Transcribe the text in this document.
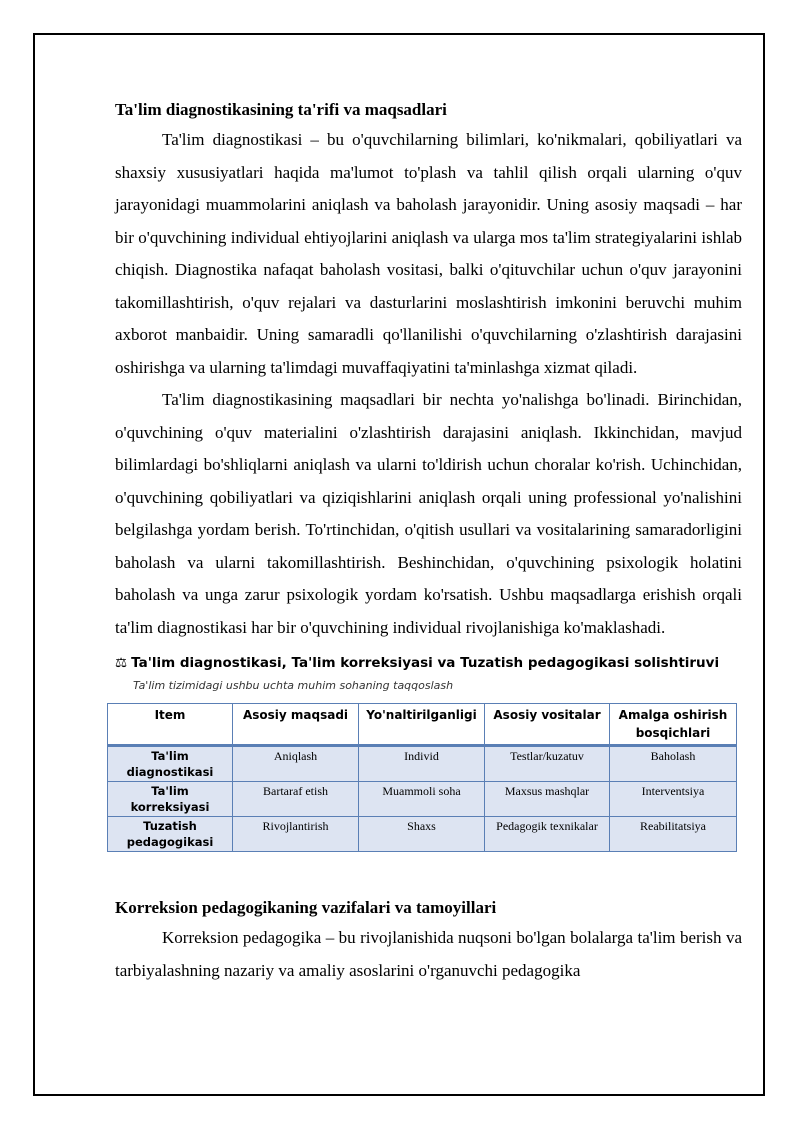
Ta'lim diagnostikasining ta'rifi va maqsadlari

Ta'lim diagnostikasi – bu o'quvchilarning bilimlari, ko'nikmalari, qobiliyatlari va shaxsiy xususiyatlari haqida ma'lumot to'plash va tahlil qilish orqali ularning o'quv jarayonidagi muammolarini aniqlash va baholash jarayonidir. Uning asosiy maqsadi – har bir o'quvchining individual ehtiyojlarini aniqlash va ularga mos ta'lim strategiyalarini ishlab chiqish. Diagnostika nafaqat baholash vositasi, balki o'qituvchilar uchun o'quv jarayonini takomillashtirish, o'quv rejalari va dasturlarini moslashtirish imkonini beruvchi muhim axborot manbaidir. Uning samaradli qo'llanilishi o'quvchilarning o'zlashtirish darajasini oshirishga va ularning ta'limdagi muvaffaqiyatini ta'minlashga xizmat qiladi.

Ta'lim diagnostikasining maqsadlari bir nechta yo'nalishga bo'linadi. Birinchidan, o'quvchining o'quv materialini o'zlashtirish darajasini aniqlash. Ikkinchidan, mavjud bilimlardagi bo'shliqlarni aniqlash va ularni to'ldirish uchun choralar ko'rish. Uchinchidan, o'quvchining qobiliyatlari va qiziqishlarini aniqlash orqali uning professional yo'nalishini belgilashga yordam berish. To'rtinchidan, o'qitish usullari va vositalarining samaradorligini baholash va ularni takomillashtirish. Beshinchidan, o'quvchining psixologik holatini baholash va unga zarur psixologik yordam ko'rsatish. Ushbu maqsadlarga erishish orqali ta'lim diagnostikasi har bir o'quvchining individual rivojlanishiga ko'maklashadi.

⚖ Ta'lim diagnostikasi, Ta'lim korreksiyasi va Tuzatish pedagogikasi solishtiruvi
Ta'lim tizimidagi ushbu uchta muhim sohaning taqqoslash
Item	Asosiy maqsadi	Yo'naltirilganligi	Asosiy vositalar	Amalga oshirish bosqichlari
Ta'lim diagnostikasi	Aniqlash	Individ	Testlar/kuzatuv	Baholash
Ta'lim korreksiyasi	Bartaraf etish	Muammoli soha	Maxsus mashqlar	Interventsiya
Tuzatish pedagogikasi	Rivojlantirish	Shaxs	Pedagogik texnikalar	Reabilitatsiya
Korreksion pedagogikaning vazifalari va tamoyillari

Korreksion pedagogika – bu rivojlanishida nuqsoni bo'lgan bolalarga ta'lim berish va tarbiyalashning nazariy va amaliy asoslarini o'rganuvchi pedagogika
